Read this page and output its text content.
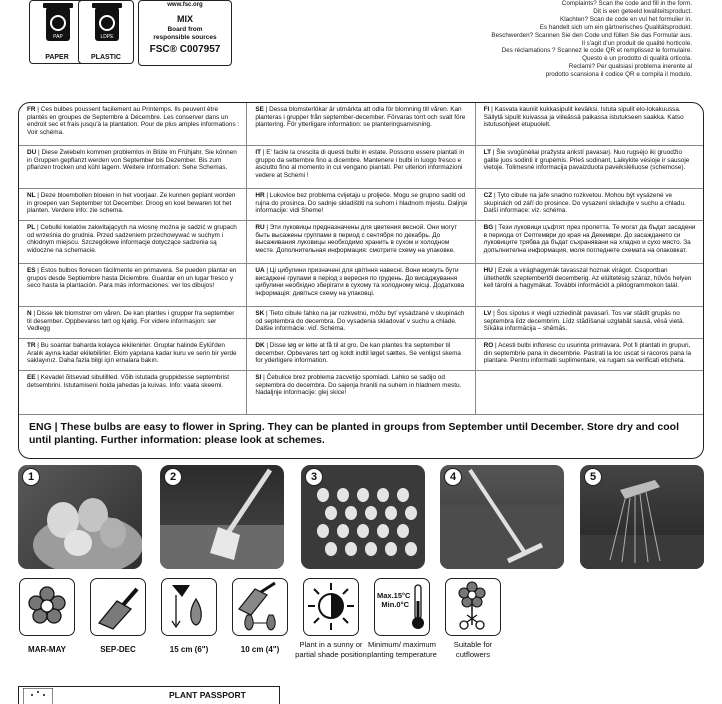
PAP
PAPER
LDPE
PLASTIC
www.fsc.org
MIX
Board from
responsible sources
FSC® C007957
Complaints? Scan the code and fill in the form.
Dit is een geteeld kwaliteitsproduct.
Klachten? Scan de code en vul het formulier in.
Es handelt sich um ein gärtnerisches Qualitätsprodukt.
Beschwerden? Scannen Sie den Code und füllen Sie das Formular aus.
Il s'agit d'un produit de qualité horticole.
Des réclamations ? Scannez le code QR et remplissez le formulaire.
Questo è un prodotto di qualità orticola.
Reclami? Per qualsiasi problema inerente al
prodotto scansiona il codice QR e compila il modulo.
FR | Ces bulbes poussent facilement au Printemps. Ils peuvent être plantés en groupes de Septembre à Décembre. Les conserver dans un endroit sec et frais jusqu'à la plantation. Pour de plus amples informations : Voir schéma.
SE | Dessa blomsterlökar är utmärkta att odla för blomning till våren. Kan planteras i grupper från september-december. Förvaras torrt och svalt före plantering. För ytterligare information: se planteringsanvisning.
FI | Kasvata kauniit kukkasipulit keväiksi. Istuta sipulit elo-lokakuussa. Säilytä sipulit kuivassa ja viileässä paikassa istutukseen saakka. Katso istutusohjeet etupuolelt.
DU | Diese Zwiebeln kommen problemlos in Blüte im Frühjahr. Sie können in Gruppen gepflanzt werden von September bis Dezember. Bis zum pflanzen trocken und kühl lagern. Weitere Information: Sehe Schemas.
IT | E' facile la crescita di questi bulbi in estate. Possono essere piantati in gruppo da settembre fino a dicembre. Mantenere i bulbi in luogo fresco e asciutto fino al momento in cui vengano piantati. Per ulteriori informazioni vedere at Schemi !
LT | Šie svogūnėliai pražysta ankstí pavasarį. Nuo rugsėjo iki gruodžio galite juos sodinti ir grupėmis. Prieš sodinant, Laikykite vėsioje ir sausoje vietoje. Tolimesnė informacija pavaizduota paveikslėliuose (schemose).
NL | Deze bloembollen bloeien in het voorjaar. Ze kunnen geplant worden in groepen van September tot December. Droog en koel bewaren tot het planten. Verdere info: zie schema.
HR | Lukovice bez problema cvijetaju u proljeće. Mogu se grupno saditi od rujna do prosinca. Do sadnje skladištiti na suhom i hladnom mjestu. Daljnje informacije: vidi Sheme!
CZ | Tyto cibule na jaře snadno rozkvetou. Mohou být vysázené ve skupinách od září do prosince. Do vysazení skladujte v suchu a chladu. Další informace: viz. schéma.
PL | Cebulki kwiatów zakwitających na wiosnę można je sadzić w grupach od września do grudnia. Przed sadzeniem przechowywać w suchym i chłodnym miejscu. Szczegółowe informacje dotyczące sadzenia są widoczne na schemacie.
RU | Эти луковицы предназначены для цветения весной. Они могут быть высажены группами в период с сентября по декабрь. До высаживания луковицы необходимо хранить в сухом и холодном месте. Дополнительная информация: смотрите схему на упаковке.
BG | Тези луковици цъфтят през пролетта. Те могат да бъдат засадени в периода от Септември до края на Декември. До засаждането си луковиците трябва да бъдат съхранявани на хладно и сухо място. За допълнителна информация, моля погледнете схемата на опаковкат.
ES | Estos bulbos florecen fácilmente en primavera. Se pueden plantar en grupos desde Septiembre hasta Diciembre. Guardar en un lugar fresco y seco hasta la plantación. Para más informaciones: ver los dibujos!
UA | Ці цибулини призначені для цвітіння навесні. Вони можуть бути висаджені групами в період з вересня по грудень. До висаджування цибулини необхідно зберігати в сухому та холодному місці. Додаткова інформація: дивіться схему на упаковці.
HU | Ezek a virághagymák tavasszal hoznak virágot. Csoportban ültethetők szeptembertől decemberig. Az elültetésig száraz, hűvös helyen kell tárolni a hagymákat. További információt a piktogrammokon talál.
N | Disse løk blomstrer om våren. De kan plantes i grupper fra september til desember. Oppbevares tørt og kjølig. For videre informasjon: ser Vedlegg
SK | Tieto cibule ľahko na jar rozkvetnú, môžu byť vysádzané v skupinách od septembra do decembra. Do vysadenia skladovať v suchu a chlade. Dalšie informácie: viď. Schéma.
LV | Šos sīpolus ir viegli uzziedināt pavasarī. Tos var stādīt grupās no septembra līdz decembrim. Līdz stādīšanai uzglabāt sausā, vēsā vietā. Sīkāka informācija – shēmās.
TR | Bu soanlar baharda kolayca iekilenirler. Gruplar halinde Eylül'den Aralık ayına kadar ekilebilirler. Ekim yapılana kadar kuru ve serin bir yerde saklayınız. Daha fazla bilgi için ernalara bakın.
DK | Disse løg er lette at få til at gro. De kan plantes fra september til december. Opbevares tørt og koldt indtil løget sættes. Se venligst skema for yderligere information.
RO | Acesti bulbi infloresc cu usurinta primavara. Pot fi plantati in grupuri, din septembrie pana in decembrie. Pastrati la loc uscat si racoros pana la plantare. Pentru informatii suplimentare, va rugam sa verificati eticheta.
EE | Kevadel õitsevad sibulillled. Võib istutada gruppidesse septembrist detsembrini. Istutamiseni hoida jahedas ja kuivas. Info: vaata skeemi.
SI | Čebulice brez problema zacvetijo spomladi. Lahko se sadijo od septembra do decembra. Do sajenja hraniti na suhem in hladnem mestu. Nadaljnje informacije: glej skice!
ENG | These bulbs are easy to flower in Spring. They can be planted in groups from September until December. Store dry and cool until planting. Further information: please look at schemes.
1	2	3	4	5
MAR-MAY	SEP-DEC	15 cm (6")	10 cm (4")
Plant in a sunny or partial shade position
Max.15°C
Min.0°C
Minimum/ maximum planting temperature
Suitable for cutflowers
PLANT PASSPORT
